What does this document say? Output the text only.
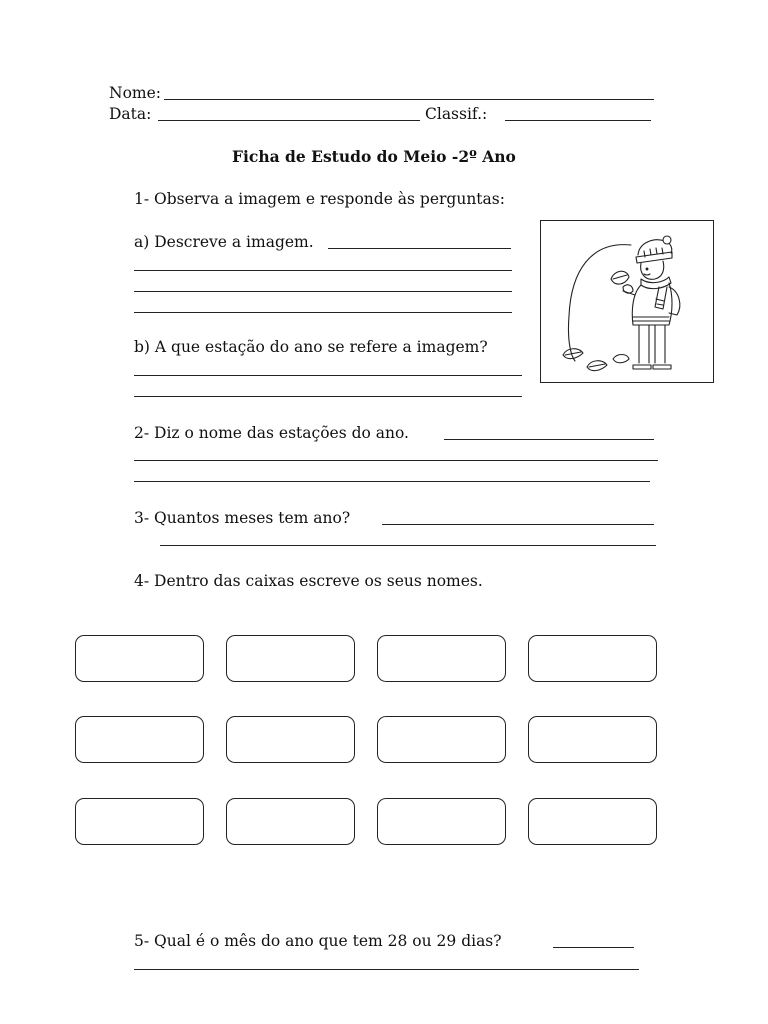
Nome:
Data:	Classif.:
Ficha de Estudo do Meio -2º Ano
1- Observa a imagem e responde às perguntas:
a) Descreve a imagem.
b) A que estação do ano se refere a imagem?
2- Diz o nome das estações do ano.
3- Quantos meses tem ano?
4- Dentro das caixas escreve os seus nomes.
5- Qual é o mês do ano que tem 28 ou 29 dias?
